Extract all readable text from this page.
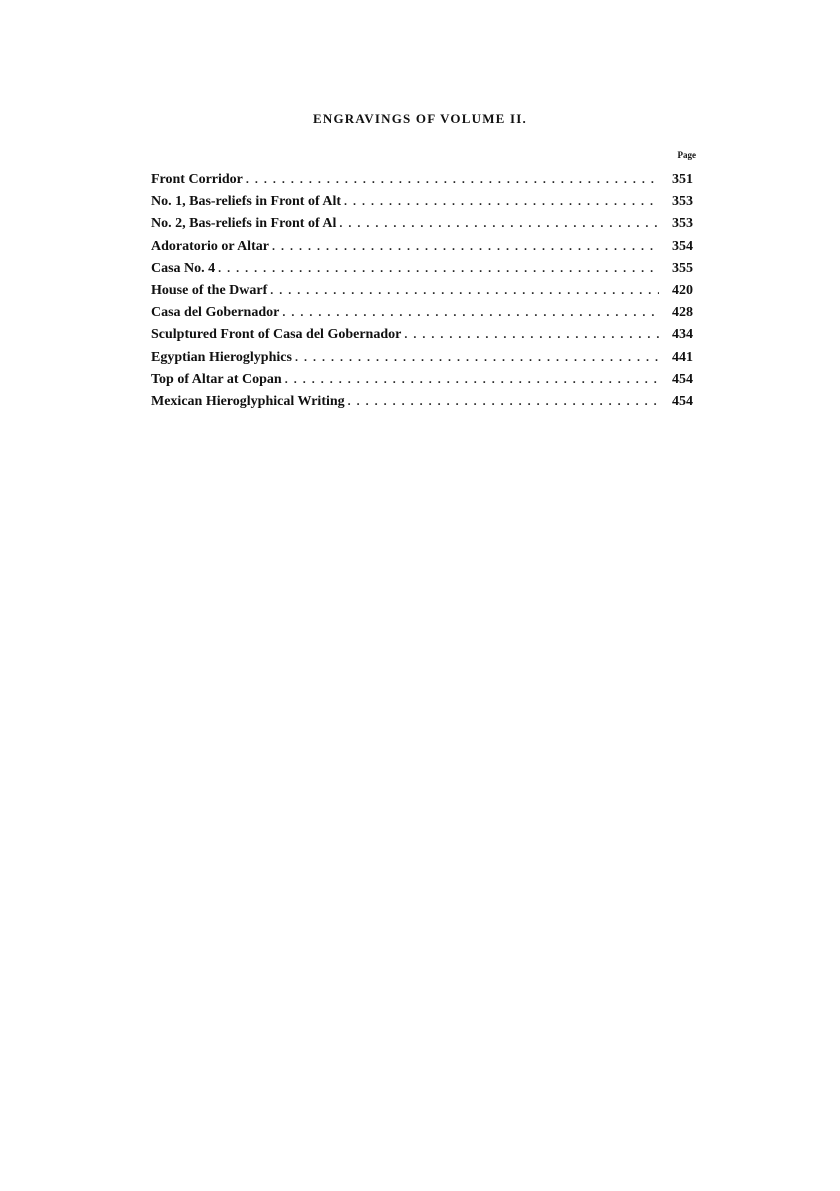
ENGRAVINGS OF VOLUME II.
Page
Front Corridor . . .	351
No. 1, Bas-reliefs in Front of Alt . . .	353
No. 2, Bas-reliefs in Front of Al . . .	353
Adoratorio or Altar . . .	354
Casa No. 4 . . .	355
House of the Dwarf . . .	420
Casa del Gobernador . . .	428
Sculptured Front of Casa del Gobernador . . .	434
Egyptian Hieroglyphics . . .	441
Top of Altar at Copan . . .	454
Mexican Hieroglyphical Writing . . .	454
